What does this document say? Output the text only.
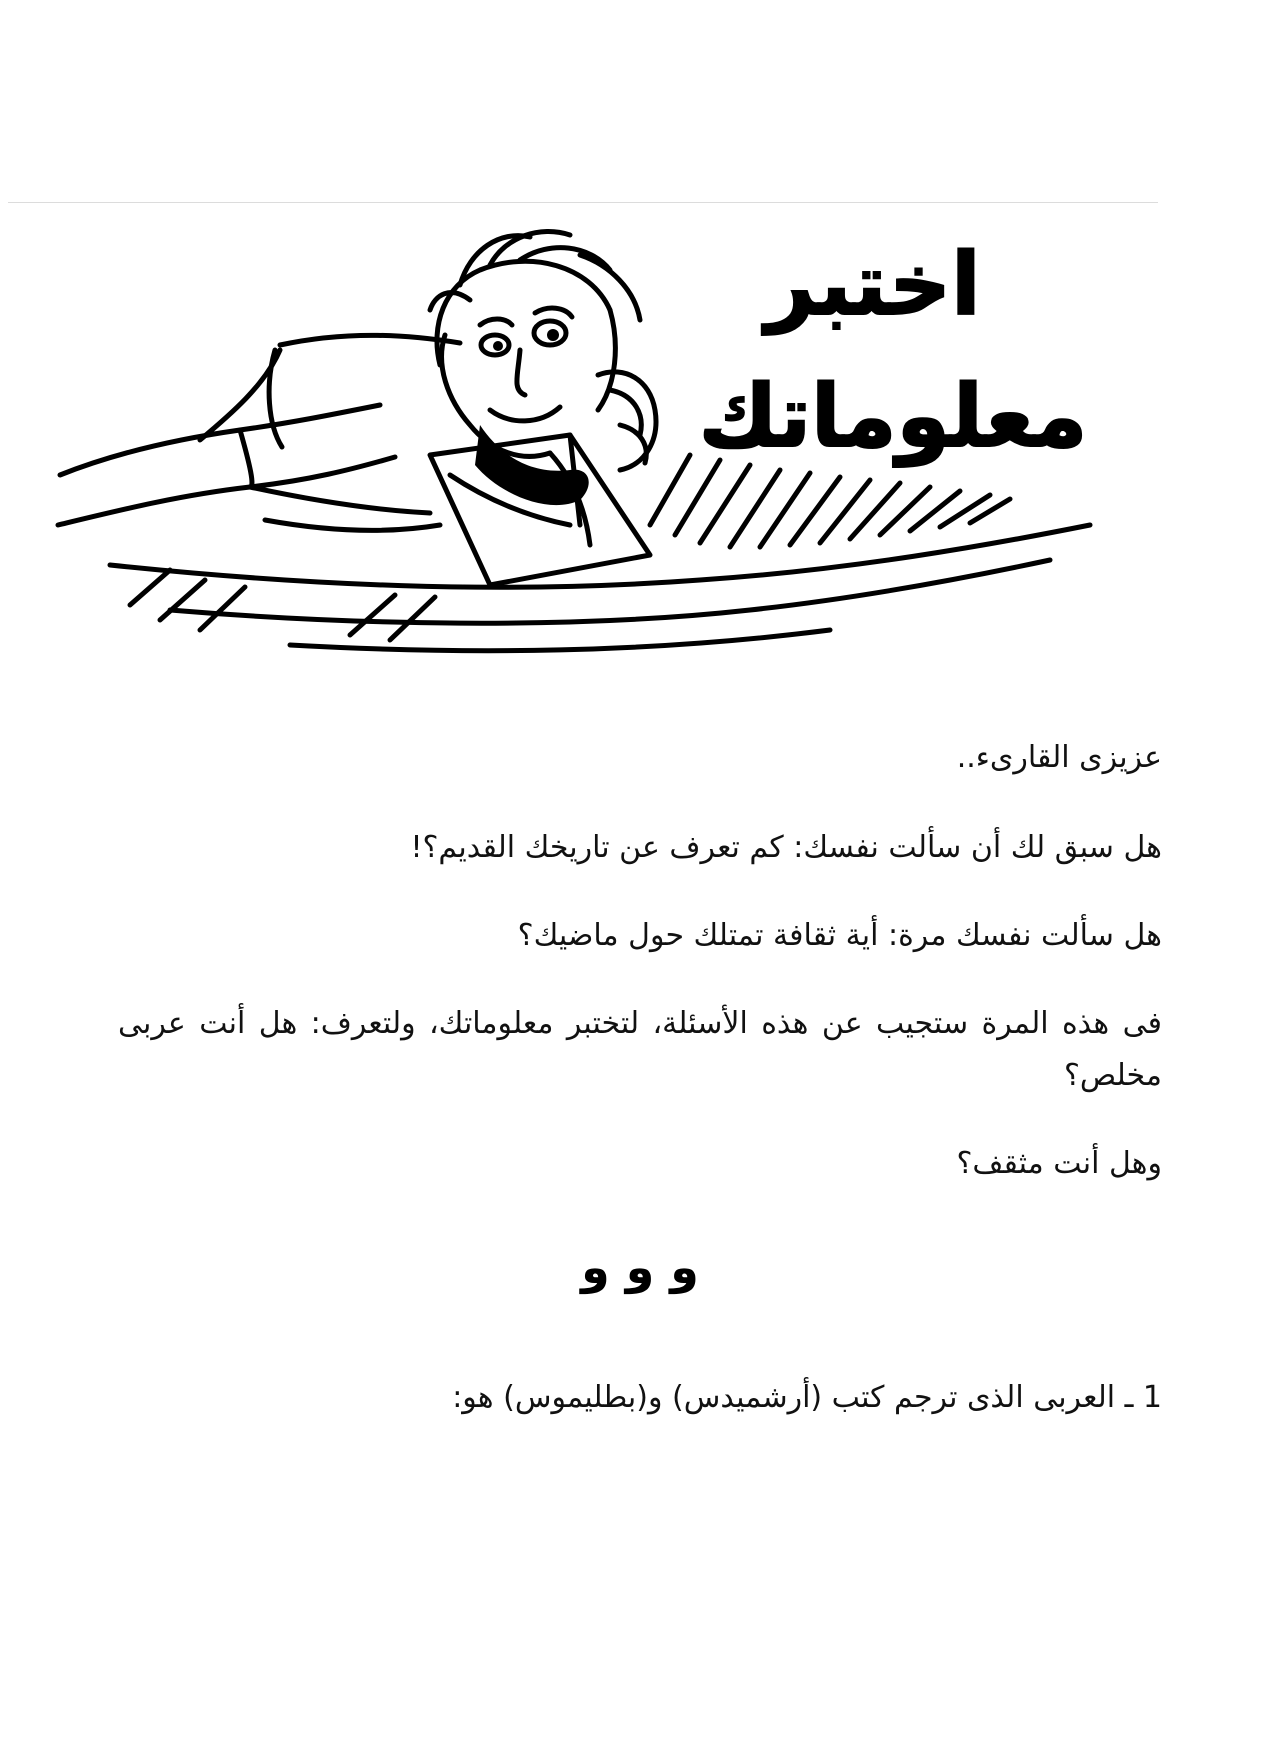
اختبر
معلوماتك

عزيزى القارىء..

هل سبق لك أن سألت نفسك: كم تعرف عن تاريخك القديم؟!

هل سألت نفسك مرة: أية ثقافة تمتلك حول ماضيك؟

فى هذه المرة ستجيب عن هذه الأسئلة، لتختبر معلوماتك، ولتعرف: هل أنت عربى مخلص؟

وهل أنت مثقف؟

و و و

1 ـ العربى الذى ترجم كتب (أرشميدس) و(بطليموس) هو:
